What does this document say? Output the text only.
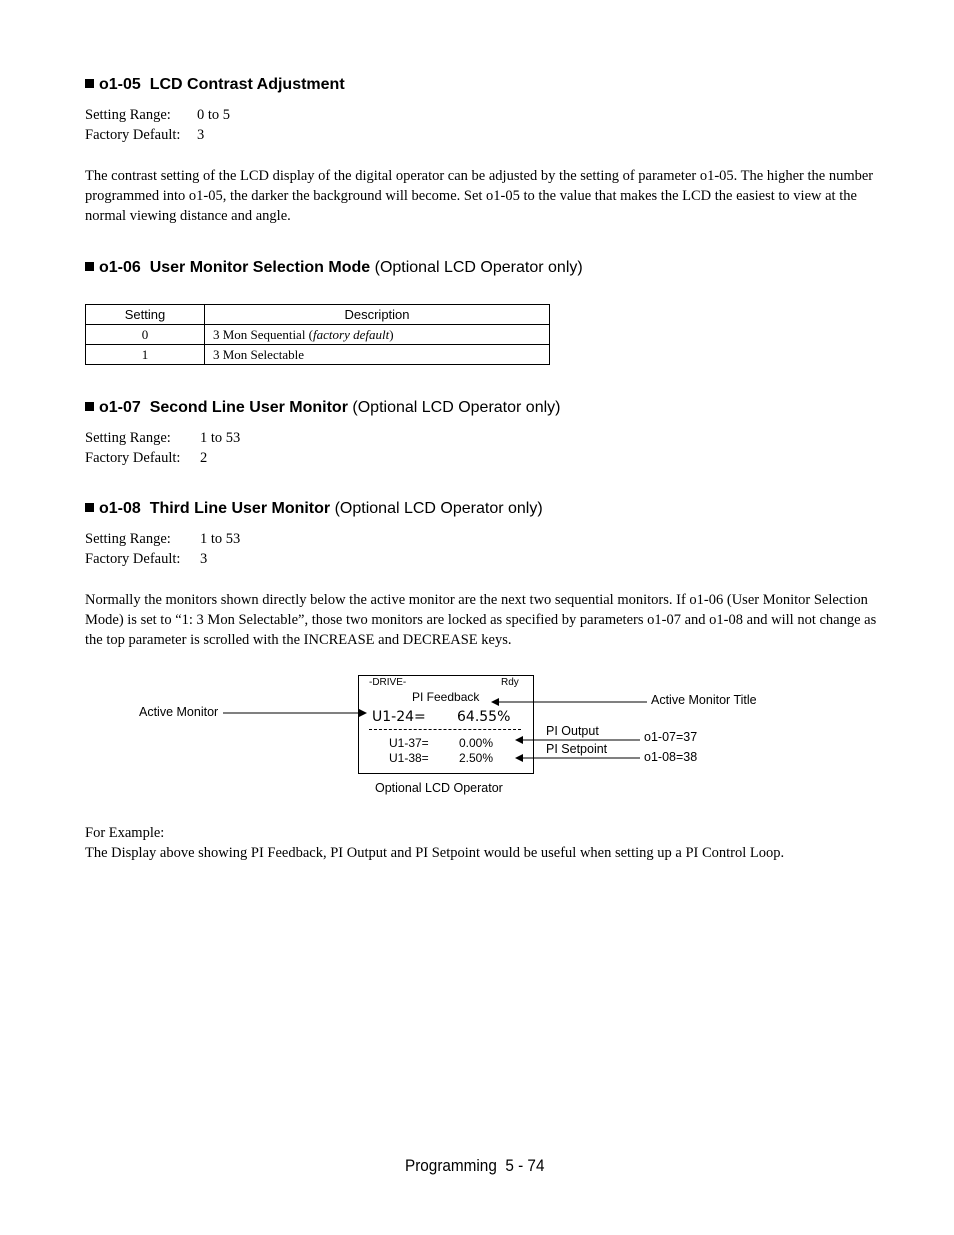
o1-05 LCD Contrast Adjustment
Setting Range:	0 to 5
Factory Default:	3
The contrast setting of the LCD display of the digital operator can be adjusted by the setting of parameter o1-05. The higher the number programmed into o1-05, the darker the background will become. Set o1-05 to the value that makes the LCD the easiest to view at the normal viewing distance and angle.
o1-06 User Monitor Selection Mode (Optional LCD Operator only)
Setting	Description
0	3 Mon Sequential (factory default)
1	3 Mon Selectable
o1-07 Second Line User Monitor (Optional LCD Operator only)
Setting Range:	1 to 53
Factory Default:	2
o1-08 Third Line User Monitor (Optional LCD Operator only)
Setting Range:	1 to 53
Factory Default:	3
Normally the monitors shown directly below the active monitor are the next two sequential monitors. If o1-06 (User Monitor Selection Mode) is set to “1: 3 Mon Selectable”, those two monitors are locked as specified by parameters o1-07 and o1-08 and will not change as the top parameter is scrolled with the INCREASE and DECREASE keys.
-DRIVE-	Rdy
PI Feedback
U1-24= 64.55%
U1-37=	0.00%
U1-38=	2.50%
Active Monitor
Active Monitor Title
PI Output
PI Setpoint
o1-07=37
o1-08=38
Optional LCD Operator
For Example:
The Display above showing PI Feedback, PI Output and PI Setpoint would be useful when setting up a PI Control Loop.
Programming  5 - 74
